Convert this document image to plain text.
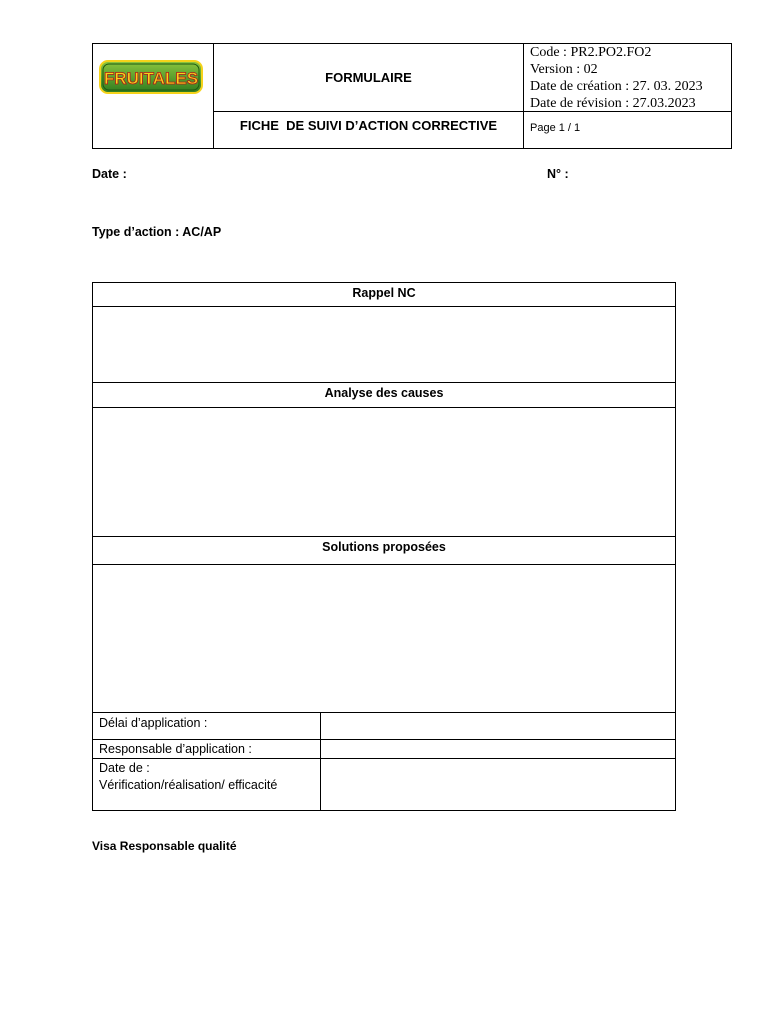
FRUITALES	FORMULAIRE
FICHE  DE SUIVI D’ACTION CORRECTIVE
Code : PR2.PO2.FO2
Version : 02
Date de création : 27. 03. 2023
Date de révision : 27.03.2023
Page 1 / 1
Date :	N° :
Type d’action : AC/AP
Rappel NC
Analyse des causes
Solutions proposées
Délai d’application :
Responsable d’application :
Date de :
Vérification/réalisation/ efficacité
Visa Responsable qualité
